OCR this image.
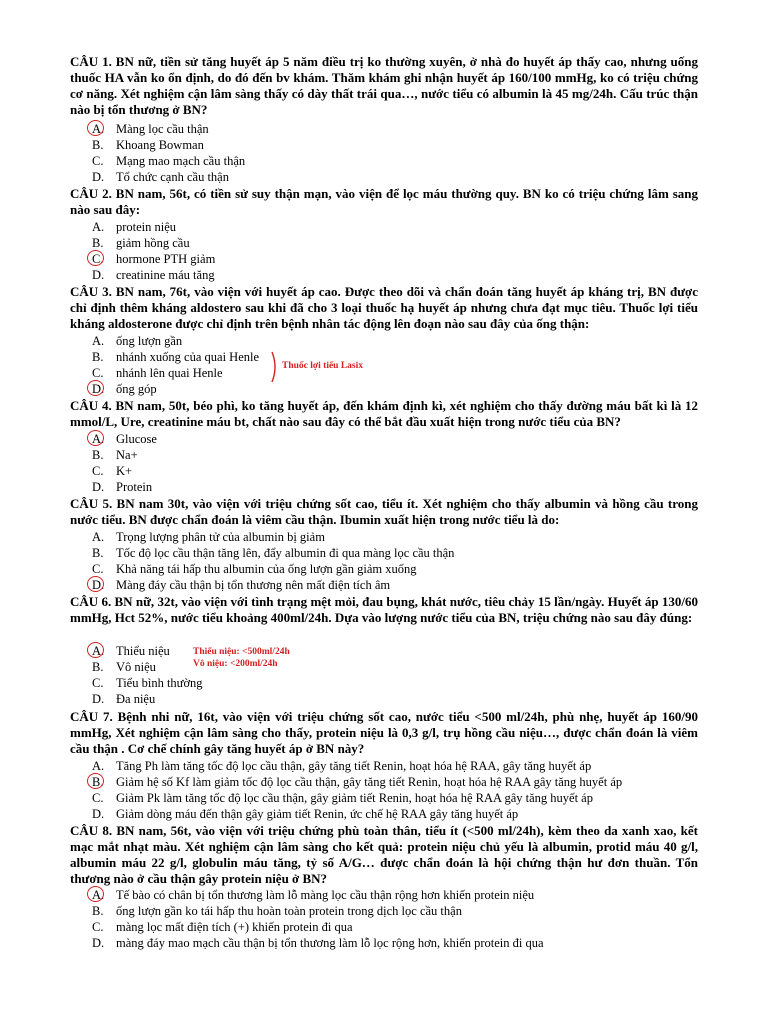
CÂU 1. BN nữ, tiền sử tăng huyết áp 5 năm điều trị ko thường xuyên, ở nhà đo huyết áp thấy cao, nhưng uống thuốc HA vẫn ko ổn định, do đó đến bv khám. Thăm khám ghi nhận huyết áp 160/100 mmHg, ko có triệu chứng cơ năng. Xét nghiệm cận lâm sàng thấy có dày thất trái qua…, nước tiểu có albumin là 45 mg/24h. Cấu trúc thận nào bị tổn thương ở BN?
A. Màng lọc cầu thận
B. Khoang Bowman
C. Mạng mao mạch cầu thận
D. Tổ chức cạnh cầu thận
CÂU 2. BN nam, 56t, có tiền sử suy thận mạn, vào viện để lọc máu thường quy. BN ko có triệu chứng lâm sang nào sau đây:
A. protein niệu
B. giảm hồng cầu
C. hormone PTH giảm
D. creatinine máu tăng
CÂU 3. BN nam, 76t, vào viện với huyết áp cao. Được theo dõi và chẩn đoán tăng huyết áp kháng trị, BN được chỉ định thêm kháng aldostero sau khi đã cho 3 loại thuốc hạ huyết áp nhưng chưa đạt mục tiêu. Thuốc lợi tiểu kháng aldosterone được chỉ định trên bệnh nhân tác động lên đoạn nào sau đây của ống thận:
A. ống lượn gần
B. nhánh xuống của quai Henle
C. nhánh lên quai Henle
D. ống góp
Thuốc lợi tiểu Lasix
CÂU 4. BN nam, 50t, béo phì, ko tăng huyết áp, đến khám định kì, xét nghiệm cho thấy đường máu bất kì là 12 mmol/L, Ure, creatinine máu bt, chất nào sau đây có thể bắt đầu xuất hiện trong nước tiểu của BN?
A. Glucose
B. Na+
C. K+
D. Protein
CÂU 5. BN nam 30t, vào viện với triệu chứng sốt cao, tiểu ít. Xét nghiệm cho thấy albumin và hồng cầu trong nước tiểu. BN được chẩn đoán là viêm cầu thận. Ibumin xuất hiện trong nước tiểu là do:
A. Trọng lượng phân tử của albumin bị giảm
B. Tốc độ lọc cầu thận tăng lên, đẩy albumin đi qua màng lọc cầu thận
C. Khả năng tái hấp thu albumin của ống lượn gần giảm xuống
D. Màng đáy cầu thận bị tổn thương nên mất điện tích âm
CÂU 6. BN nữ, 32t, vào viện với tình trạng mệt mỏi, đau bụng, khát nước, tiêu chảy 15 lần/ngày. Huyết áp 130/60 mmHg, Hct 52%, nước tiểu khoảng 400ml/24h. Dựa vào lượng nước tiểu của BN, triệu chứng nào sau đây đúng:
A. Thiểu niệu
B. Vô niệu
C. Tiểu bình thường
D. Đa niệu
Thiểu niệu: <500ml/24h
Vô niệu: <200ml/24h
CÂU 7. Bệnh nhi nữ, 16t, vào viện với triệu chứng sốt cao, nước tiểu <500 ml/24h, phù nhẹ, huyết áp 160/90 mmHg, Xét nghiệm cận lâm sàng cho thấy, protein niệu là 0,3 g/l, trụ hồng cầu niệu…, được chẩn đoán là viêm cầu thận . Cơ chế chính gây tăng huyết áp ở BN này?
A. Tăng Ph làm tăng tốc độ lọc cầu thận, gây tăng tiết Renin, hoạt hóa hệ RAA, gây tăng huyết áp
B. Giảm hệ số Kf làm giảm tốc độ lọc cầu thận, gây tăng tiết Renin, hoạt hóa hệ RAA gây tăng huyết áp
C. Giảm Pk làm tăng tốc độ lọc cầu thận, gây giảm tiết Renin, hoạt hóa hệ RAA gây tăng huyết áp
D. Giảm dòng máu đến thận gây giảm tiết Renin, ức chế hệ RAA gây tăng huyết áp
CÂU 8. BN nam, 56t, vào viện với triệu chứng phù toàn thân, tiểu ít (<500 ml/24h), kèm theo da xanh xao, kết mạc mắt nhạt màu. Xét nghiệm cận lâm sàng cho kết quả: protein niệu chủ yếu là albumin, protid máu 40 g/l, albumin máu 22 g/l, globulin máu tăng, tỷ số A/G… được chẩn đoán là hội chứng thận hư đơn thuần. Tổn thương nào ở cầu thận gây protein niệu ở BN?
A. Tế bào có chân bị tổn thương làm lỗ màng lọc cầu thận rộng hơn khiến protein niệu
B. ống lượn gần ko tái hấp thu hoàn toàn protein trong dịch lọc cầu thận
C. màng lọc mất điện tích (+) khiến protein đi qua
D. màng đáy mao mạch cầu thận bị tổn thương làm lỗ lọc rộng hơn, khiến protein đi qua
